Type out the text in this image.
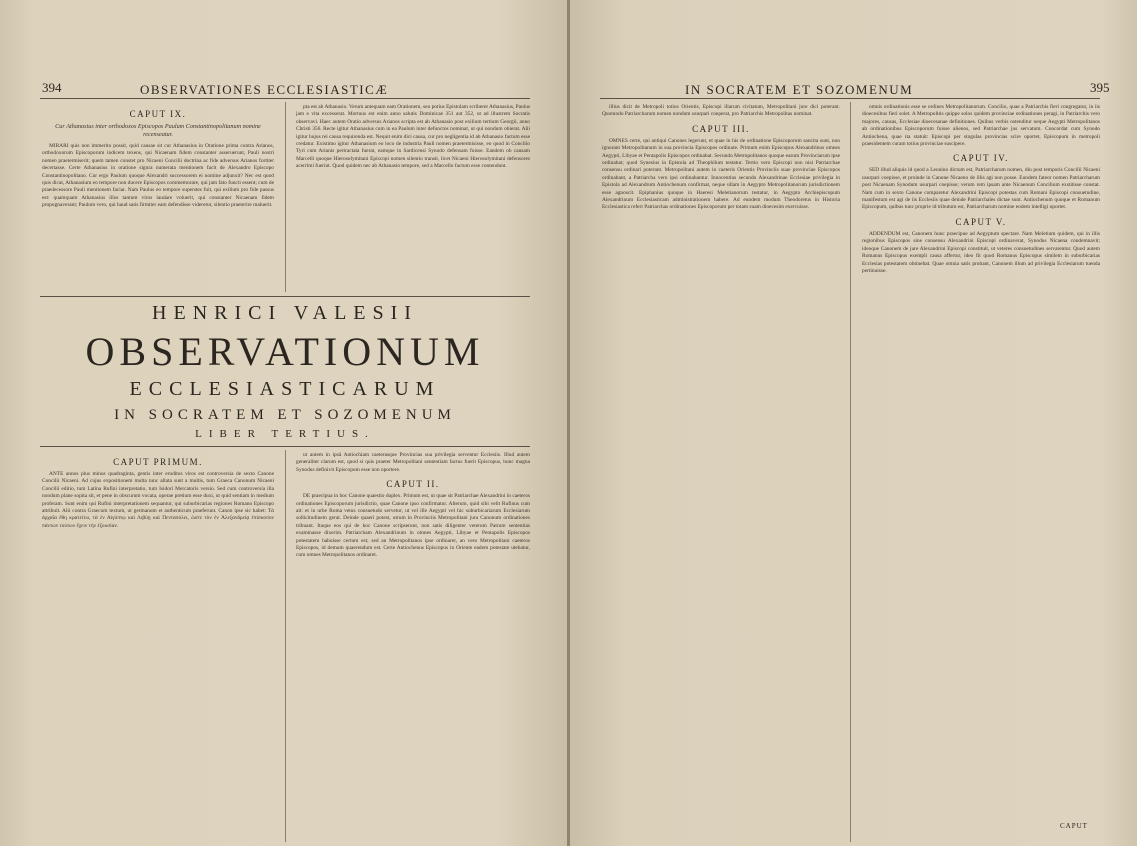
394	OBSERVATIONES ECCLESIASTICÆ

CAPUT IX.

Cur Athanasius inter orthodoxos Episcopos Paulum Constantinopolitanum nomine recenseatur.

MIRARI quis non immerito possit, quid causae sit cur Athanasius in Oratione prima contra Arianos, orthodoxorum Episcoporum indicem texens, qui Nicaenam fidem constanter asseruerunt, Pauli nostri nomen praetermiserit; quem tamen constet pro Nicaeni Concilii doctrina ac fide adversus Arianos fortiter decertasse. Certe Athanasius in oratione sigura numerata mentionem facit de Alexandro Episcopo Constantinopolitano. Cur ergo Paulum quoque Alexandri successorem ei nomine adjunxit? Nec est quod quis dicat, Athanasium eo tempore non ducere Episcopos commemorare, qui jam fato functi essent; cum de praedecessore Pauli mentionem faciat. Nam Paulus eo tempore superstes fuit, qui exilium pro fide passus est: quamquam Athanasius illos tantum viros laudare voluerit, qui constanter Nicaenam fidem propugnaverant; Paulum vero, qui haud satis firmiter eam defendisse videretur, silentio praeterire maluerit.

pta est ab Athanasio. Verum antequam eam Orationem, seu potius Epistolam scriberet Athanasius, Paulus jam e vita excesserat. Mortuus est enim anno salutis Dominicae 351 aut 352, ut ad illustrem Socratis observavi. Haec autem Oratio adversus Arianos scripta est ab Athanasio post exilium tertium Georgii, anno Christi 356. Recte igitur Athanasius cum in ea Paulum inter defunctos nominat, ut qui nondum obierat. Alii igitur hujus rei causa requirenda est. Nequit enim dici causa, cur pro negligentia id ab Athanasio factum esse credatur. Existimo igitur Athanasium eo loco de industria Pauli nomen praetermisisse, eo quod in Concilio Tyri cum Arianis pertractata fuerat, eamque in Sardicensi Synodo defensam fuisse. Eandem ob causam Marcelli quoque Hierosolymitani Episcopi nomen silentio transit, licet Nicaeni Hierosolymitani defensores acerrimi fuerint. Quod quidem nec ab Athanasio tempore, sed a Marcello factum esse contendunt.

HENRICI VALESII
OBSERVATIONUM
ECCLESIASTICARUM
IN SOCRATEM ET SOZOMENUM
LIBER TERTIUS.

CAPUT PRIMUM.

ANTE annos plus minus quadraginta, gentis inter eruditos viros est controversia de sexto Canone Concilii Nicaeni. Ad cujus expositionem multa tunc allata sunt a multis, tum Graeca Canonum Nicaeni Concilii editio, tum Latina Rufini interpretatio, tum Isidori Mercatoris versio. Sed cum controversia illa nondum plane sopita sit, et pene in obscurum vocata, operae pretium esse duxi, ut quid sentiam in medium proferam. Sunt enim qui Rufini interpretationem sequantur, qui suburbicarias regiones Romano Episcopo attribuit. Alii contra Graecum textum, ut germanum et authenticum praeferunt. Canon ipse sic habet: Τὰ ἀρχαῖα ἔθη κρατείτω, τὰ ἐν Αἰγύπτῳ καὶ Λιβύῃ καὶ Πενταπόλει, ὥστε τὸν ἐν Ἀλεξανδρείᾳ ἐπίσκοπον πάντων τούτων ἔχειν τὴν ἐξουσίαν.

ut autem in ipsā Antiochiam caeterasque Provincias sua privilegia serventur Ecclesiis. Illud autem generaliter clarum est, quod si quis praeter Metropolitani sententiam factus fuerit Episcopus, hunc magna Synodus definivit Episcopum esse non oportere.

CAPUT II.

DE praecipua in hoc Canone quaestio duplex. Primum est, ut quae sit Patriarchae Alexandrini in caeteros ordinationes Episcoporum jurisdictio, quae Canone ipso confirmatur. Alterum, quid sibi velit Rufinus cum ait: et in urbe Roma vetus consuetudo servetur, ut vel ille Aegypti vel hic suburbicariarum Ecclesiarum sollicitudinem gerat. Deinde quaeri potest, utrum in Provinciis Metropolitani jura Canonum ordinationes tribuant. Itaque eos qui de hoc Canone scripserunt, non satis diligenter veterum Patrum sententias examinasse dixerim. Patriarcham Alexandrinum in omnes Aegypti, Libyae et Pentapolis Episcopos potestatem habuisse certum est; sed an Metropolitanos ipse ordinaret, an vero Metropolitani caeteros Episcopos, id demum quaerendum est. Certe Antiochenus Episcopus in Oriente eadem potestate utebatur, cum omnes Metropolitanos ordinaret.

IN SOCRATEM ET SOZOMENUM	395

illius dicit de Metropoli totius Orientis, Episcopi illarum civitatum, Metropolitani jure dici poterant. Quomodo Patriarcharum nomen nondum usurpari coeperat, pro Patriarchis Metropolitas nominat.

CAPUT III.

OMNES certe, qui antiqui Canones legerunt, et quae in his de ordinatione Episcoporum sancita sunt, non ignorant Metropolitanum in sua provincia Episcopos ordinare. Primum enim Episcopus Alexandrinus omnes Aegypti, Libyae et Pentapolis Episcopos ordinabat. Secundo Metropolitanos quoque earum Provinciarum ipse ordinabat; quod Synesius in Epistola ad Theophilum testatur. Tertio vero Episcopi non nisi Patriarchae consensu ordinari poterant. Metropolitani autem in caeteris Orientis Provinciis suae provinciae Episcopos ordinabant, a Patriarcha vero ipsi ordinabantur. Innocentius secundo Alexandrinae Ecclesiae privilegia in Epistola ad Alexandrum Antiochenum confirmat, neque ullam in Aegypto Metropolitanorum jurisdictionem esse agnoscit. Epiphanius quoque in Haeresi Meletianorum testatur, in Aegypto Archiepiscopum Alexandrinum Ecclesiasticam administrationem habere. Ad eundem modum Theodoretus in Historia Ecclesiastica refert Patriarchas ordinationes Episcoporum per totam suam dioecesim exercuisse.

omnis ordinationis esse se ordines Metropolitanorum. Concilio, quae a Patriarchis fieri congregatur, in iis dioecesibus fieri solet. A Metropolitis quippe solos quidem provinciae ordinationes peragi, in Patriarchis vero majores, causas, Ecclesiae dioecesanae definitiones. Quibus verbis ostenditur neque Aegypti Metropolitanos ab ordinationibus Episcoporum fuisse alienos, sed Patriarchae jus servatum. Concordat cum Synodo Antiochena, quae ita statuit: Episcopi per singulas provincias scire oportet, Episcopum in metropoli praesidentem curam totius provinciae suscipere.

CAPUT IV.

SED illud aliquis id quod a Leonino dictum est, Patriarcharum nomen, diu post temporis Concilii Nicaeni usurpari coepisse, et proinde in Canone Nicaeno de illis agi non posse. Eundem fateor nomen Patriarcharum post Nicaenam Synodum usurpari coepisse; verum rem ipsam ante Nicaenum Concilium exstitisse constat. Nam cum in sexto Canone comparetur Alexandrini Episcopi potestas cum Romani Episcopi consuetudine, manifestum est agi de iis Ecclesiis quae deinde Patriarchales dictae sunt. Antiochenum quoque et Romanum Episcopum, quibus tunc proprie id tributum est, Patriarcharum nomine eodem intelligi oportet.

CAPUT V.

ADDENDUM est, Canonem hunc praecipue ad Aegyptum spectare. Nam Meletium quidem, qui in illis regionibus Episcopos sine consensu Alexandrini Episcopi ordinaverat, Synodus Nicaena condemnavit; ideoque Canonem de jure Alexandrini Episcopi constituit, ut veteres consuetudines servarentur. Quod autem Romanus Episcopus exempli causa affertur, ideo fit quod Romanus Episcopus similem in suburbicarias Ecclesias potestatem obtinebat. Quae omnia satis probant, Canonem illum ad privilegia Ecclesiarum tuenda pertinuisse.

CAPUT
